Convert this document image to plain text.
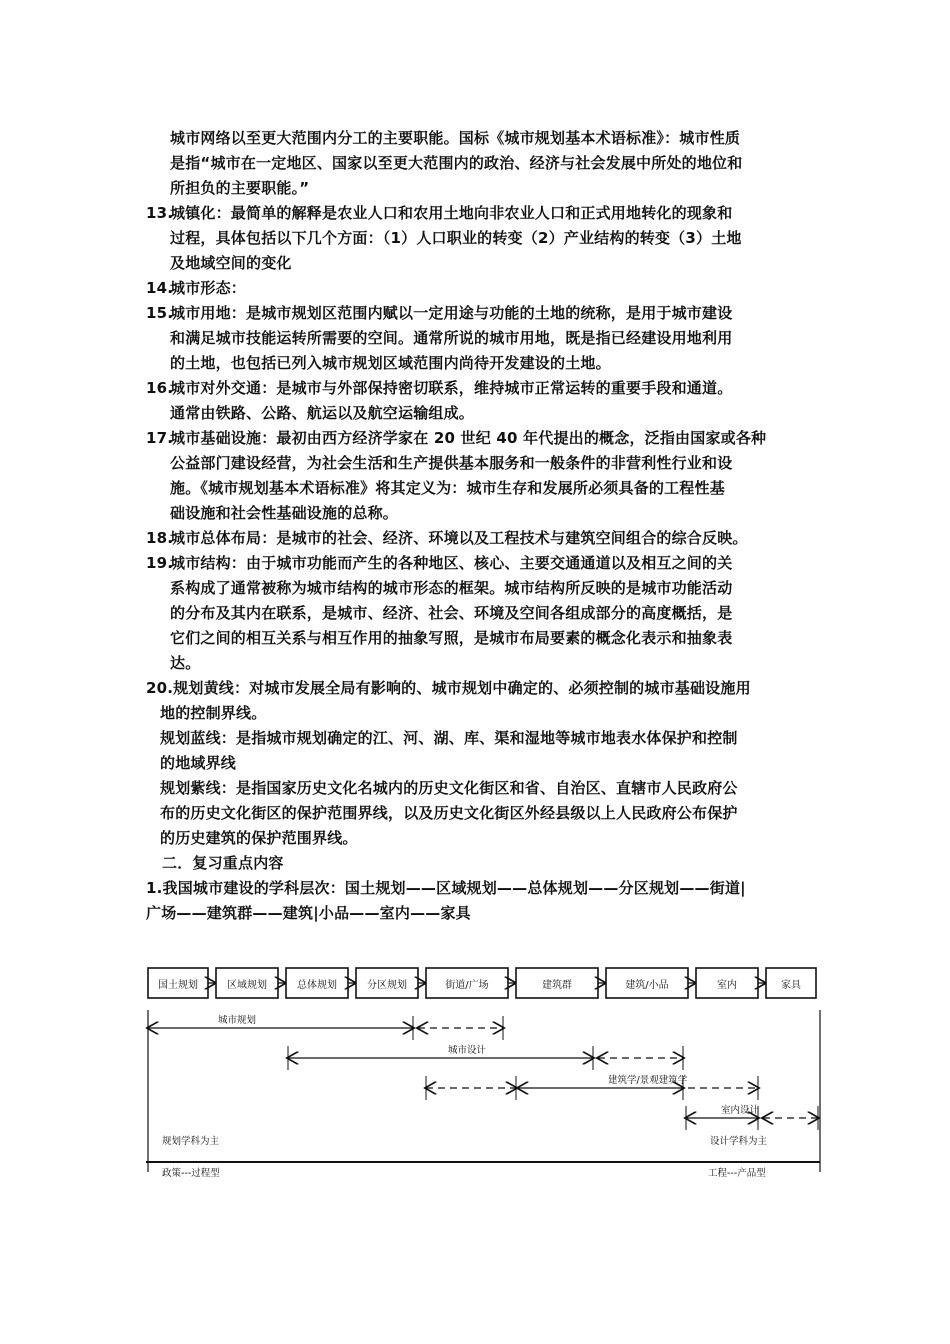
城市网络以至更大范围内分工的主要职能。国标《城市规划基本术语标准》：城市性质
是指“城市在一定地区、国家以至更大范围内的政治、经济与社会发展中所处的地位和
所担负的主要职能。”
13.
城镇化：最简单的解释是农业人口和农用土地向非农业人口和正式用地转化的现象和
过程，具体包括以下几个方面：（1）人口职业的转变（2）产业结构的转变（3）土地
及地域空间的变化
14.
城市形态：
15.
城市用地：是城市规划区范围内赋以一定用途与功能的土地的统称，是用于城市建设
和满足城市技能运转所需要的空间。通常所说的城市用地，既是指已经建设用地利用
的土地，也包括已列入城市规划区域范围内尚待开发建设的土地。
16.
城市对外交通：是城市与外部保持密切联系，维持城市正常运转的重要手段和通道。
通常由铁路、公路、航运以及航空运输组成。
17.
城市基础设施：最初由西方经济学家在 20 世纪 40 年代提出的概念，泛指由国家或各种
公益部门建设经营，为社会生活和生产提供基本服务和一般条件的非营利性行业和设
施。《城市规划基本术语标准》将其定义为：城市生存和发展所必须具备的工程性基
础设施和社会性基础设施的总称。
18.
城市总体布局：是城市的社会、经济、环境以及工程技术与建筑空间组合的综合反映。
19.
城市结构：由于城市功能而产生的各种地区、核心、主要交通通道以及相互之间的关
系构成了通常被称为城市结构的城市形态的框架。城市结构所反映的是城市功能活动
的分布及其内在联系，是城市、经济、社会、环境及空间各组成部分的高度概括，是
它们之间的相互关系与相互作用的抽象写照，是城市布局要素的概念化表示和抽象表
达。
20.规划黄线：对城市发展全局有影响的、城市规划中确定的、必须控制的城市基础设施用
地的控制界线。
规划蓝线：是指城市规划确定的江、河、湖、库、渠和湿地等城市地表水体保护和控制
的地域界线
规划紫线：是指国家历史文化名城内的历史文化街区和省、自治区、直辖市人民政府公
布的历史文化街区的保护范围界线，以及历史文化街区外经县级以上人民政府公布保护
的历史建筑的保护范围界线。
二．复习重点内容
1.我国城市建设的学科层次：国土规划——区域规划——总体规划——分区规划——街道|
广场——建筑群——建筑|小品——室内——家具
国土规划	区域规划	总体规划	分区规划	街道/广场	建筑群	建筑/小品	室内	家具
城市规划
城市设计
建筑学/景观建筑学
室内设计
规划学科为主
政策---过程型
设计学科为主
工程---产品型
